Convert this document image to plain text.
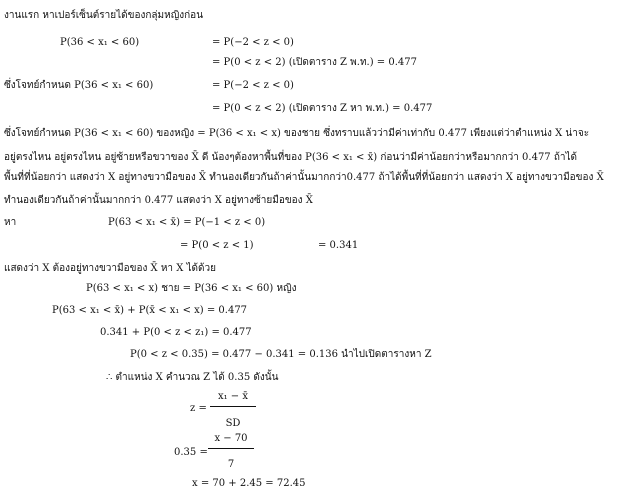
งานแรก หาเปอร์เซ็นต์รายได้ของกลุ่มหญิงก่อน
P(36 < x₁ < 60)	= P(−2 < z < 0)
= P(0 < z < 2) (เปิดตาราง Z พ.ท.) = 0.477
ซึ่งโจทย์กำหนด P(36 < x₁ < 60)	= P(−2 < z < 0)
= P(0 < z < 2) (เปิดตาราง Z หา พ.ท.) = 0.477
ซึ่งโจทย์กำหนด P(36 < x₁ < 60) ของหญิง = P(36 < x₁ < x) ของชาย ซึ่งทราบแล้วว่ามีค่าเท่ากับ 0.477 เพียงแต่ว่าตำแหน่ง X น่าจะ
อยู่ตรงไหน อยู่ตรงไหน อยู่ซ้ายหรือขวาของ X̄ ดี น้องๆต้องหาพื้นที่ของ P(36 < x₁ < x̄) ก่อนว่ามีค่าน้อยกว่าหรือมากกว่า 0.477 ถ้าได้
พื้นที่ที่น้อยกว่า แสดงว่า X อยู่ทางขวามือของ X̄ ทำนองเดียวกันถ้าค่านั้นมากกว่า0.477 ถ้าได้พื้นที่ที่น้อยกว่า แสดงว่า X อยู่ทางขวามือของ X̄
ทำนองเดียวกันถ้าค่านั้นมากกว่า 0.477 แสดงว่า X อยู่ทางซ้ายมือของ X̄
หา	P(63 < x₁ < x̄) = P(−1 < z < 0)
= P(0 < z < 1)	= 0.341
แสดงว่า X ต้องอยู่ทางขวามือของ X̄ หา X ได้ด้วย
P(63 < x₁ < x) ชาย = P(36 < x₁ < 60) หญิง
P(63 < x₁ < x̄) + P(x̄ < x₁ < x) = 0.477
0.341 + P(0 < z < z₁) = 0.477
P(0 < z < 0.35) = 0.477 − 0.341 = 0.136 นำไปเปิดตารางหา Z
∴ ตำแหน่ง X คำนวณ Z ได้ 0.35 ดังนั้น
z =
x₁ − x̄
SD
0.35 =
x − 70
7
x = 70 + 2.45 = 72.45
